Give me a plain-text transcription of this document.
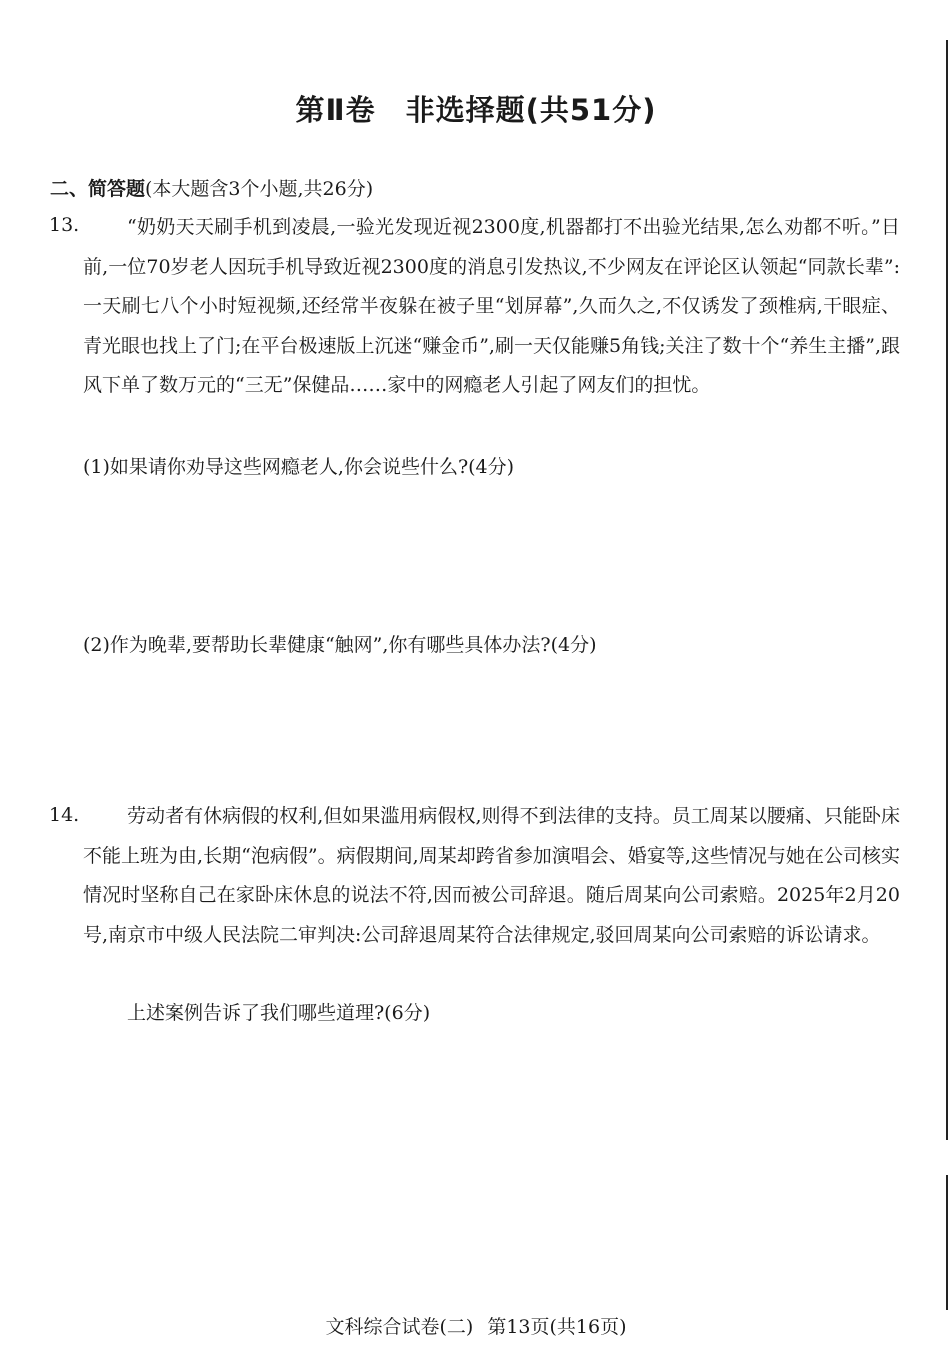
第Ⅱ卷　非选择题(共51分)
二、简答题(本大题含3个小题,共26分)
13.	“奶奶天天刷手机到凌晨,一验光发现近视2300度,机器都打不出验光结果,怎么劝都不听。”日前,一位70岁老人因玩手机导致近视2300度的消息引发热议,不少网友在评论区认领起“同款长辈”:一天刷七八个小时短视频,还经常半夜躲在被子里“划屏幕”,久而久之,不仅诱发了颈椎病,干眼症、青光眼也找上了门;在平台极速版上沉迷“赚金币”,刷一天仅能赚5角钱;关注了数十个“养生主播”,跟风下单了数万元的“三无”保健品……家中的网瘾老人引起了网友们的担忧。
(1)如果请你劝导这些网瘾老人,你会说些什么?(4分)
(2)作为晚辈,要帮助长辈健康“触网”,你有哪些具体办法?(4分)
14.	劳动者有休病假的权利,但如果滥用病假权,则得不到法律的支持。员工周某以腰痛、只能卧床不能上班为由,长期“泡病假”。病假期间,周某却跨省参加演唱会、婚宴等,这些情况与她在公司核实情况时坚称自己在家卧床休息的说法不符,因而被公司辞退。随后周某向公司索赔。2025年2月20号,南京市中级人民法院二审判决:公司辞退周某符合法律规定,驳回周某向公司索赔的诉讼请求。
上述案例告诉了我们哪些道理?(6分)
文科综合试卷(二) 第13页(共16页)
